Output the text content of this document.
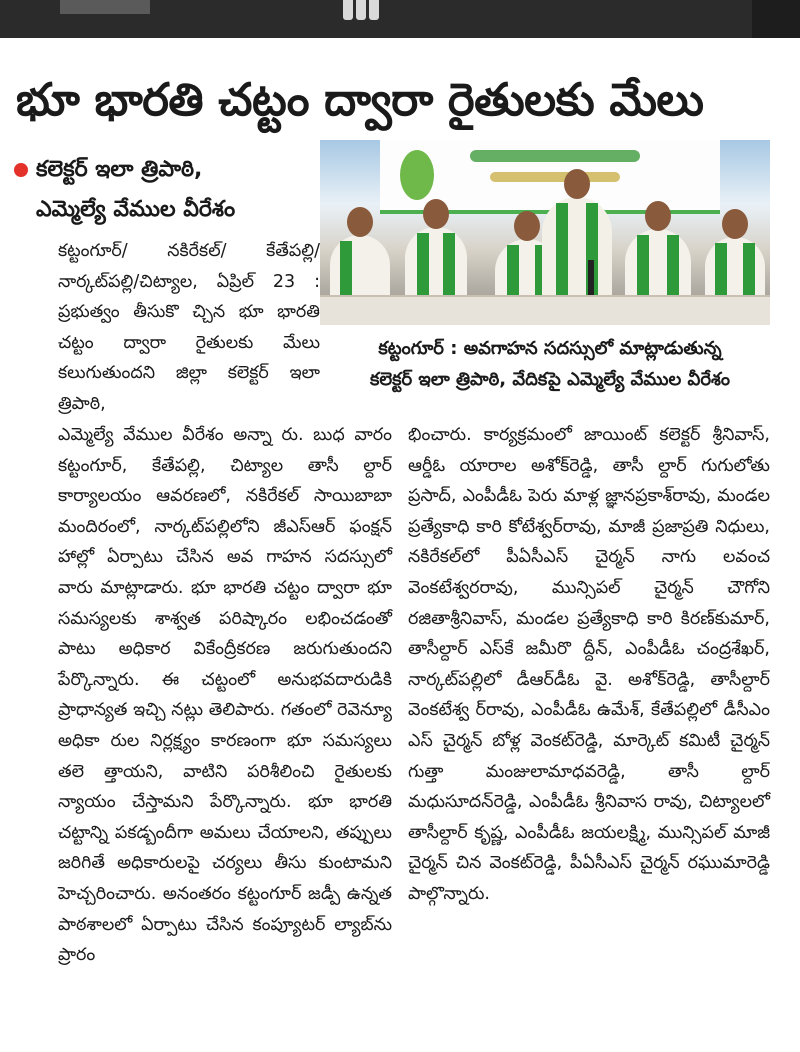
భూ భారతి చట్టం ద్వారా రైతులకు మేలు
కలెక్టర్ ఇలా త్రిపాఠి,
ఎమ్మెల్యే వేముల వీరేశం
కట్టంగూర్ : అవగాహన సదస్సులో మాట్లాడుతున్న
కలెక్టర్ ఇలా త్రిపాఠి, వేదికపై ఎమ్మెల్యే వేముల వీరేశం

కట్టంగూర్/ నకిరేకల్/ కేతేపల్లి/ నార్కట్‌పల్లి/చిట్యాల, ఏప్రిల్ 23 : ప్రభుత్వం తీసుకొ చ్చిన భూ భారతి చట్టం ద్వారా రైతులకు మేలు కలుగుతుందని జిల్లా కలెక్టర్ ఇలా త్రిపాఠి,

ఎమ్మెల్యే వేముల వీరేశం అన్నా రు. బుధ వారం కట్టంగూర్, కేతేపల్లి, చిట్యాల తాసీ ల్దార్ కార్యాలయం ఆవరణలో, నకిరేకల్ సాయిబాబా మందిరంలో, నార్కట్‌పల్లిలోని జీఎస్‌ఆర్ ఫంక్షన్ హాల్లో ఏర్పాటు చేసిన అవ గాహన సదస్సులో వారు మాట్లాడారు. భూ భారతి చట్టం ద్వారా భూ సమస్యలకు శాశ్వత పరిష్కారం లభించడంతో పాటు అధికార వికేంద్రీకరణ జరుగుతుందని పేర్కొన్నారు. ఈ చట్టంలో అనుభవదారుడికి ప్రాధాన్యత ఇచ్చి నట్లు తెలిపారు. గతంలో రెవెన్యూ అధికా రుల నిర్లక్ష్యం కారణంగా భూ సమస్యలు తలె త్తాయని, వాటిని పరిశీలించి రైతులకు న్యాయం చేస్తామని పేర్కొన్నారు. భూ భారతి చట్టాన్ని పకడ్బందీగా అమలు చేయాలని, తప్పులు జరిగితే అధికారులపై చర్యలు తీసు కుంటామని హెచ్చరించారు. అనంతరం కట్టంగూర్ జడ్పీ ఉన్నత పాఠశాలలో ఏర్పాటు చేసిన కంప్యూటర్ ల్యాబ్‌ను ప్రారం

భించారు. కార్యక్రమంలో జాయింట్ కలెక్టర్ శ్రీనివాస్, ఆర్డీఓ యారాల అశోక్‌రెడ్డి, తాసీ ల్దార్ గుగులోతు ప్రసాద్, ఎంపీడీఓ పెరు మాళ్ల జ్ఞానప్రకాశ్‌రావు, మండల ప్రత్యేకాధి కారి కోటేశ్వర్‌రావు, మాజీ ప్రజాప్రతి నిధులు, నకిరేకల్‌లో పీఏసీఎస్ చైర్మన్ నాగు లవంచ వెంకటేశ్వరరావు, మున్సిపల్ చైర్మన్ చౌగోని రజితాశ్రీనివాస్, మండల ప్రత్యేకాధి కారి కిరణ్‌కుమార్, తాసీల్దార్ ఎస్‌కే జమీరొ ద్దీన్, ఎంపీడీఓ చంద్రశేఖర్, నార్కట్‌పల్లిలో డీఆర్‌డీఓ వై. అశోక్‌రెడ్డి, తాసీల్దార్ వెంకటేశ్వ ర్‌రావు, ఎంపీడీఓ ఉమేశ్, కేతేపల్లిలో డీసీఎం ఎస్ చైర్మన్ బోళ్ల వెంకట్‌రెడ్డి, మార్కెట్ కమిటీ చైర్మన్ గుత్తా మంజులామాధవరెడ్డి, తాసీ ల్దార్ మధుసూదన్‌రెడ్డి, ఎంపీడీఓ శ్రీనివాస రావు, చిట్యాలలో తాసీల్దార్ కృష్ణ, ఎంపీడీఓ జయలక్ష్మి, మున్సిపల్ మాజీ చైర్మన్ చిన వెంకట్‌రెడ్డి, పీఏసీఎస్ చైర్మన్ రఘుమారెడ్డి పాల్గొన్నారు.
